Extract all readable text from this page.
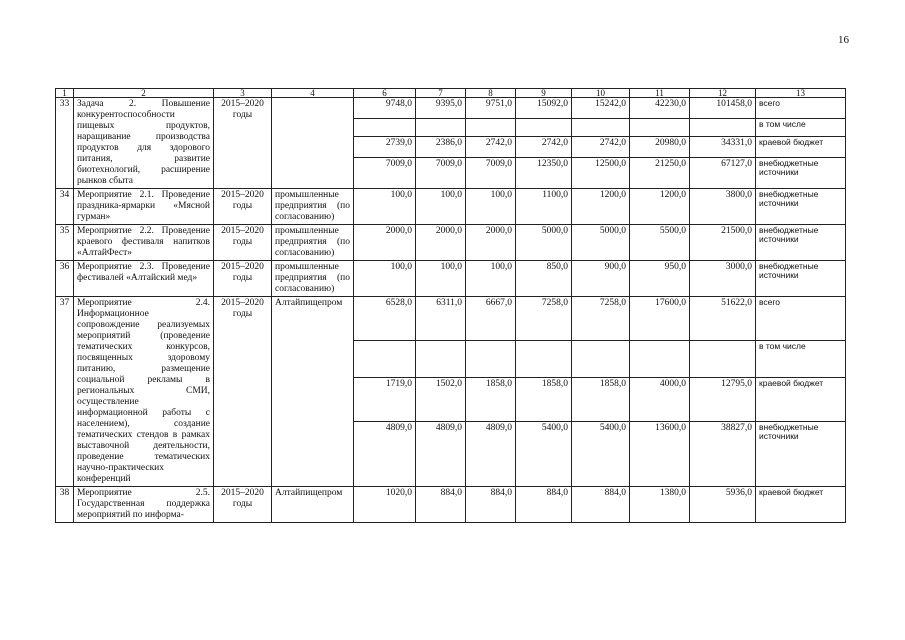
16
1	2	3	4	6	7	8	9	10	11	12	13
33	Задача 2. Повышение конкурентоспособности пищевых продуктов, наращивание производства продуктов для здорового питания, развитие биотехнологий, расширение рынков сбыта	2015–2020 годы		9748,0	9395,0	9751,0	15092,0	15242,0	42230,0	101458,0	всего
											в том числе
				2739,0	2386,0	2742,0	2742,0	2742,0	20980,0	34331,0	краевой бюджет
				7009,0	7009,0	7009,0	12350,0	12500,0	21250,0	67127,0	внебюджетные источники
34	Мероприятие 2.1. Проведение праздника-ярмарки «Мясной гурман»	2015–2020 годы	промышленные предприятия (по согласованию)	100,0	100,0	100,0	1100,0	1200,0	1200,0	3800,0	внебюджетные источники
35	Мероприятие 2.2. Проведение краевого фестиваля напитков «АлтайФест»	2015–2020 годы	промышленные предприятия (по согласованию)	2000,0	2000,0	2000,0	5000,0	5000,0	5500,0	21500,0	внебюджетные источники
36	Мероприятие 2.3. Проведение фестивалей «Алтайский мед»	2015–2020 годы	промышленные предприятия (по согласованию)	100,0	100,0	100,0	850,0	900,0	950,0	3000,0	внебюджетные источники
37	Мероприятие 2.4. Информационное сопровождение реализуемых мероприятий (проведение тематических конкурсов, посвященных здоровому питанию, размещение социальной рекламы в региональных СМИ, осуществление информационной работы с населением), создание тематических стендов в рамках выставочной деятельности, проведение тематических научно-практических конференций	2015–2020 годы	Алтайпищепром	6528,0	6311,0	6667,0	7258,0	7258,0	17600,0	51622,0	всего
											в том числе
				1719,0	1502,0	1858,0	1858,0	1858,0	4000,0	12795,0	краевой бюджет
				4809,0	4809,0	4809,0	5400,0	5400,0	13600,0	38827,0	внебюджетные источники
38	Мероприятие 2.5. Государственная поддержка мероприятий по информа-	2015–2020 годы	Алтайпищепром	1020,0	884,0	884,0	884,0	884,0	1380,0	5936,0	краевой бюджет
